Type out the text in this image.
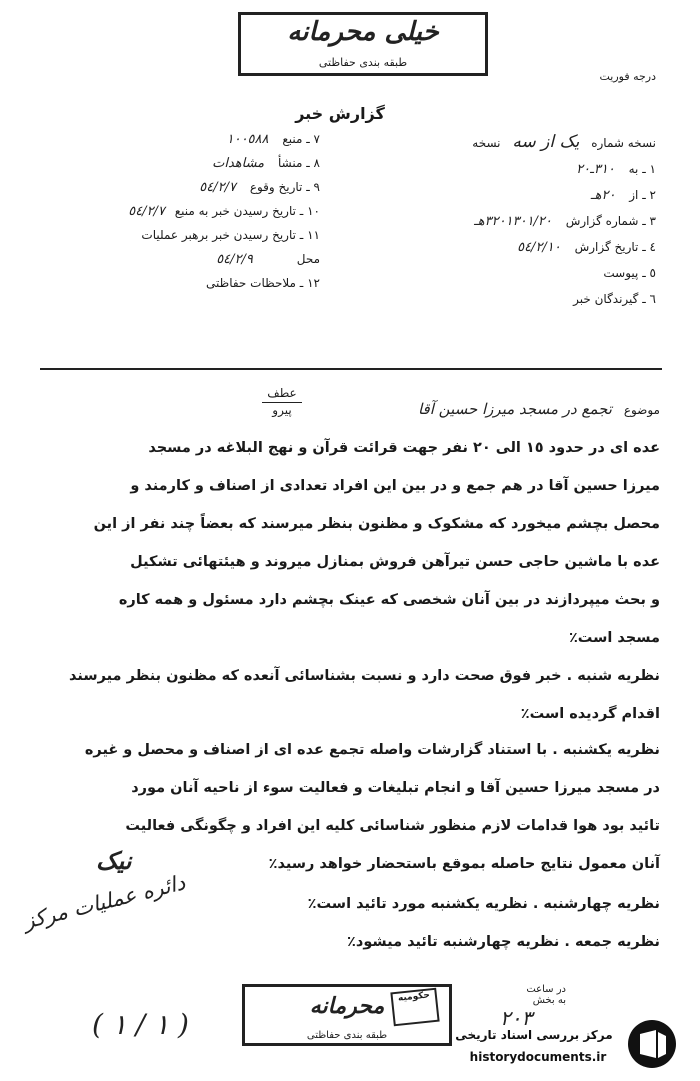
خیلی محرمانه
طبقه بندی حفاظتی
درجه فوریت
گزارش خبر
نسخه شماره یک از سه نسخه
١ ـ به ٣١٠ـ٢٠
٢ ـ از ٢٠هـ
٣ ـ شماره گزارش ٣٢٠١٣٠١/٢٠هـ
٤ ـ تاریخ گزارش ٥٤/٢/١٠
٥ ـ پیوست
٦ ـ گیرندگان خبر
٧ ـ منبع ١٠٠٥٨٨
٨ ـ منشأ مشاهدات
٩ ـ تاریخ وقوع ٥٤/٢/٧
١٠ ـ تاریخ رسیدن خبر به منبع ٥٤/٢/٧
١١ ـ تاریخ رسیدن خبر برهبر عملیات
محل ٥٤/٢/٩
١٢ ـ ملاحظات حفاظتی
موضوع تجمع در مسجد میرزا حسین آقا
عطف
پیرو
عده ای در حدود ١٥ الی ٢٠ نفر جهت قرائت قرآن و نهج البلاغه در مسجد
میرزا حسین آقا در هم جمع و در بین این افراد تعدادی از اصناف و کارمند و
محصل بچشم میخورد که مشکوک و مظنون بنظر میرسند که بعضاً چند نفر از این
عده با ماشین حاجی حسن تیرآهن فروش بمنازل میروند و هیئتهائی تشکیل
و بحث میپردازند در بین آنان شخصی که عینک بچشم دارد مسئول و همه کاره
مسجد است٪
نظریه شنبه . خبر فوق صحت دارد و نسبت بشناسائی آنعده که مظنون بنظر میرسند
اقدام گردیده است٪
نظریه یکشنبه . با استناد گزارشات واصله تجمع عده ای از اصناف و محصل و غیره
در مسجد میرزا حسین آقا و انجام تبلیغات و فعالیت سوء از ناحیه آنان مورد
تائید بود هوا قدامات لازم منظور شناسائی کلیه این افراد و چگونگی فعالیت
آنان معمول نتایج حاصله بموقع باستحضار خواهد رسید٪
نظریه چهارشنبه . نظریه یکشنبه مورد تائید است٪
نظریه جمعه . نظریه چهارشنبه تائید میشود٪
نیک
دائره عملیات مرکز
( ۱ / ۱ )
محرمانه
طبقه بندی حفاظتی
حکومیه
در ساعت
به بخش
۲۰۳
مرکز بررسی اسناد تاریخی
historydocuments.ir
